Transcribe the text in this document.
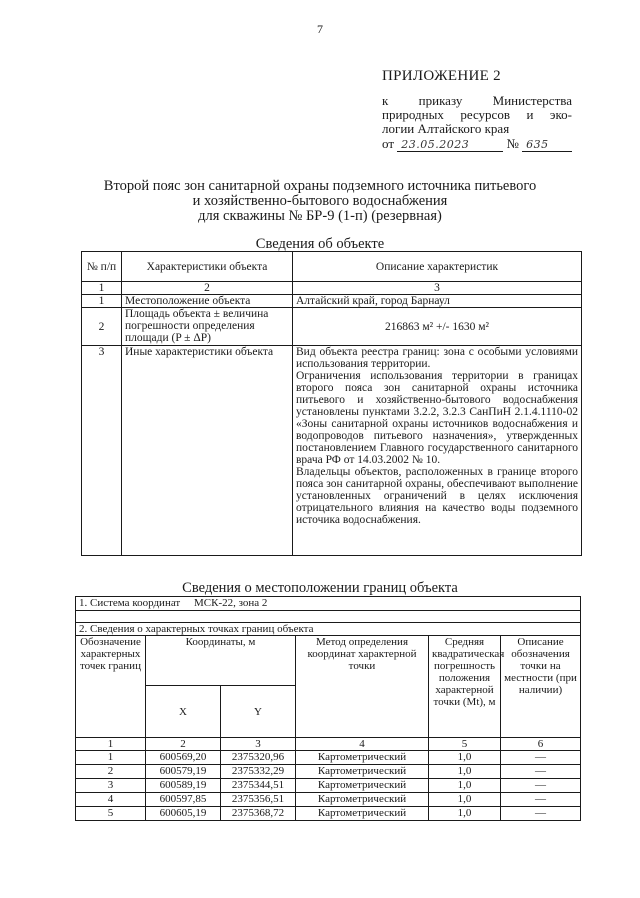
7
ПРИЛОЖЕНИЕ 2
к приказу Министерства
природных ресурсов и эко-
логии Алтайского края
от 23.05.2023	№ 635
Второй пояс зон санитарной охраны подземного источника питьевого
и хозяйственно-бытового водоснабжения
для скважины № БР-9 (1-п) (резервная)
Сведения об объекте
№ п/п	Характеристики объекта	Описание характеристик
1	2	3
1	Местоположение объекта	Алтайский край, город Барнаул
2	Площадь объекта ± величина погрешности определения площади (P ± ΔP)	216863 м² +/- 1630 м²
3	Иные характеристики объекта	Вид объекта реестра границ: зона с особыми условиями использования территории.

Ограничения использования территории в границах второго пояса зон санитарной охраны источника питьевого и хозяйственно-бытового водоснабжения установлены пунктами 3.2.2, 3.2.3 СанПиН 2.1.4.1110-02 «Зоны санитарной охраны источников водоснабжения и водопроводов питьевого назначения», утвержденных постановлением Главного государственного санитарного врача РФ от 14.03.2002 № 10.

Владельцы объектов, расположенных в границе второго пояса зон санитарной охраны, обеспечивают выполнение установленных ограничений в целях исключения отрицательного влияния на качество воды подземного источика водоснабжения.

Сведения о местоположении границ объекта
1. Система координат МСК-22, зона 2					

2. Сведения о характерных точках границ объекта					
Обозначение характерных точек границ	Координаты, м		Метод определения координат характерной точки	Средняя квадратическая погрешность положения характерной точки (Mt), м	Описание обозначения точки на местности (при наличии)
	X	Y			
1	2	3	4	5	6
1	600569,20	2375320,96	Картометрический	1,0	—
2	600579,19	2375332,29	Картометрический	1,0	—
3	600589,19	2375344,51	Картометрический	1,0	—
4	600597,85	2375356,51	Картометрический	1,0	—
5	600605,19	2375368,72	Картометрический	1,0	—
